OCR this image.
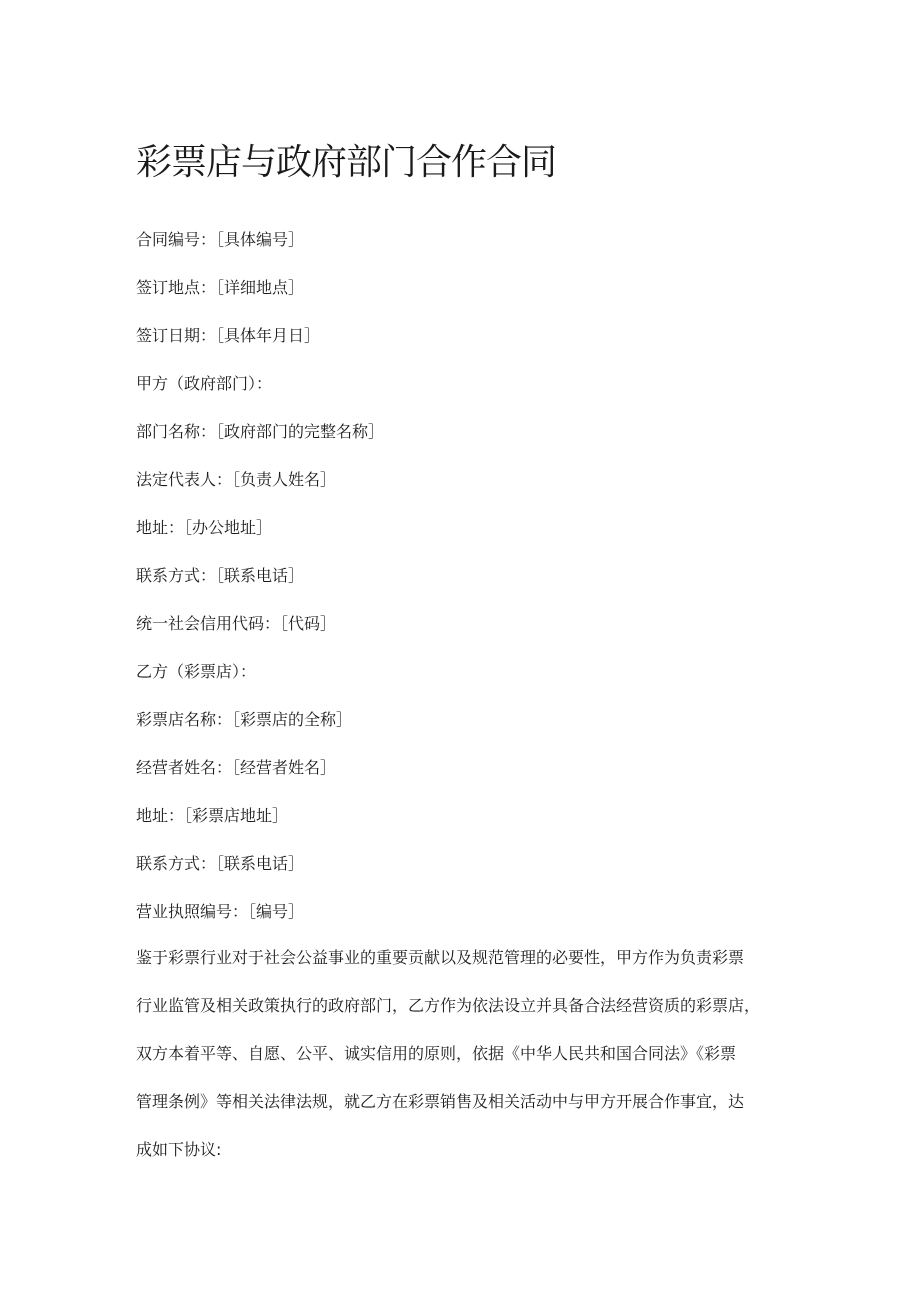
彩票店与政府部门合作合同
合同编号：［具体编号］
签订地点：［详细地点］
签订日期：［具体年月日］
甲方（政府部门）：
部门名称：［政府部门的完整名称］
法定代表人：［负责人姓名］
地址：［办公地址］
联系方式：［联系电话］
统一社会信用代码：［代码］
乙方（彩票店）：
彩票店名称：［彩票店的全称］
经营者姓名：［经营者姓名］
地址：［彩票店地址］
联系方式：［联系电话］
营业执照编号：［编号］
鉴于彩票行业对于社会公益事业的重要贡献以及规范管理的必要性，甲方作为负责彩票
行业监管及相关政策执行的政府部门，乙方作为依法设立并具备合法经营资质的彩票店，
双方本着平等、自愿、公平、诚实信用的原则，依据《中华人民共和国合同法》《彩票
管理条例》等相关法律法规，就乙方在彩票销售及相关活动中与甲方开展合作事宜，达
成如下协议:
